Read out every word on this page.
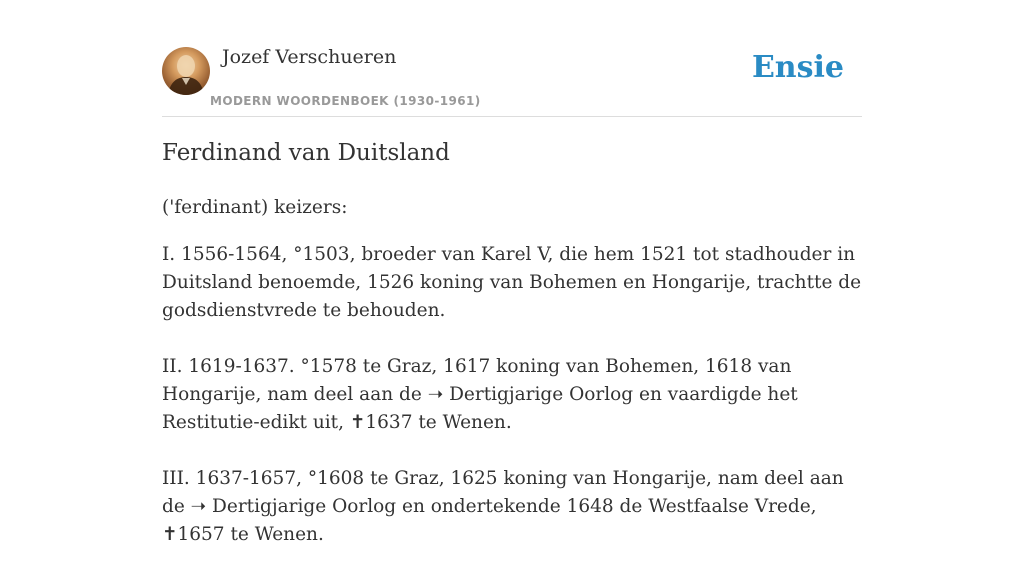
Jozef Verschueren
MODERN WOORDENBOEK (1930-1961)
Ensie
Ferdinand van Duitsland

('ferdinant) keizers:

I. 1556-1564, °1503, broeder van Karel V, die hem 1521 tot stadhouder in Duitsland benoemde, 1526 koning van Bohemen en Hongarije, trachtte de godsdienstvrede te behouden.

II. 1619-1637. °1578 te Graz, 1617 koning van Bohemen, 1618 van Hongarije, nam deel aan de ➝ Dertigjarige Oorlog en vaardigde het Restitutie-edikt uit, ✝1637 te Wenen.

III. 1637-1657, °1608 te Graz, 1625 koning van Hongarije, nam deel aan de ➝ Dertigjarige Oorlog en ondertekende 1648 de Westfaalse Vrede, ✝1657 te Wenen.
